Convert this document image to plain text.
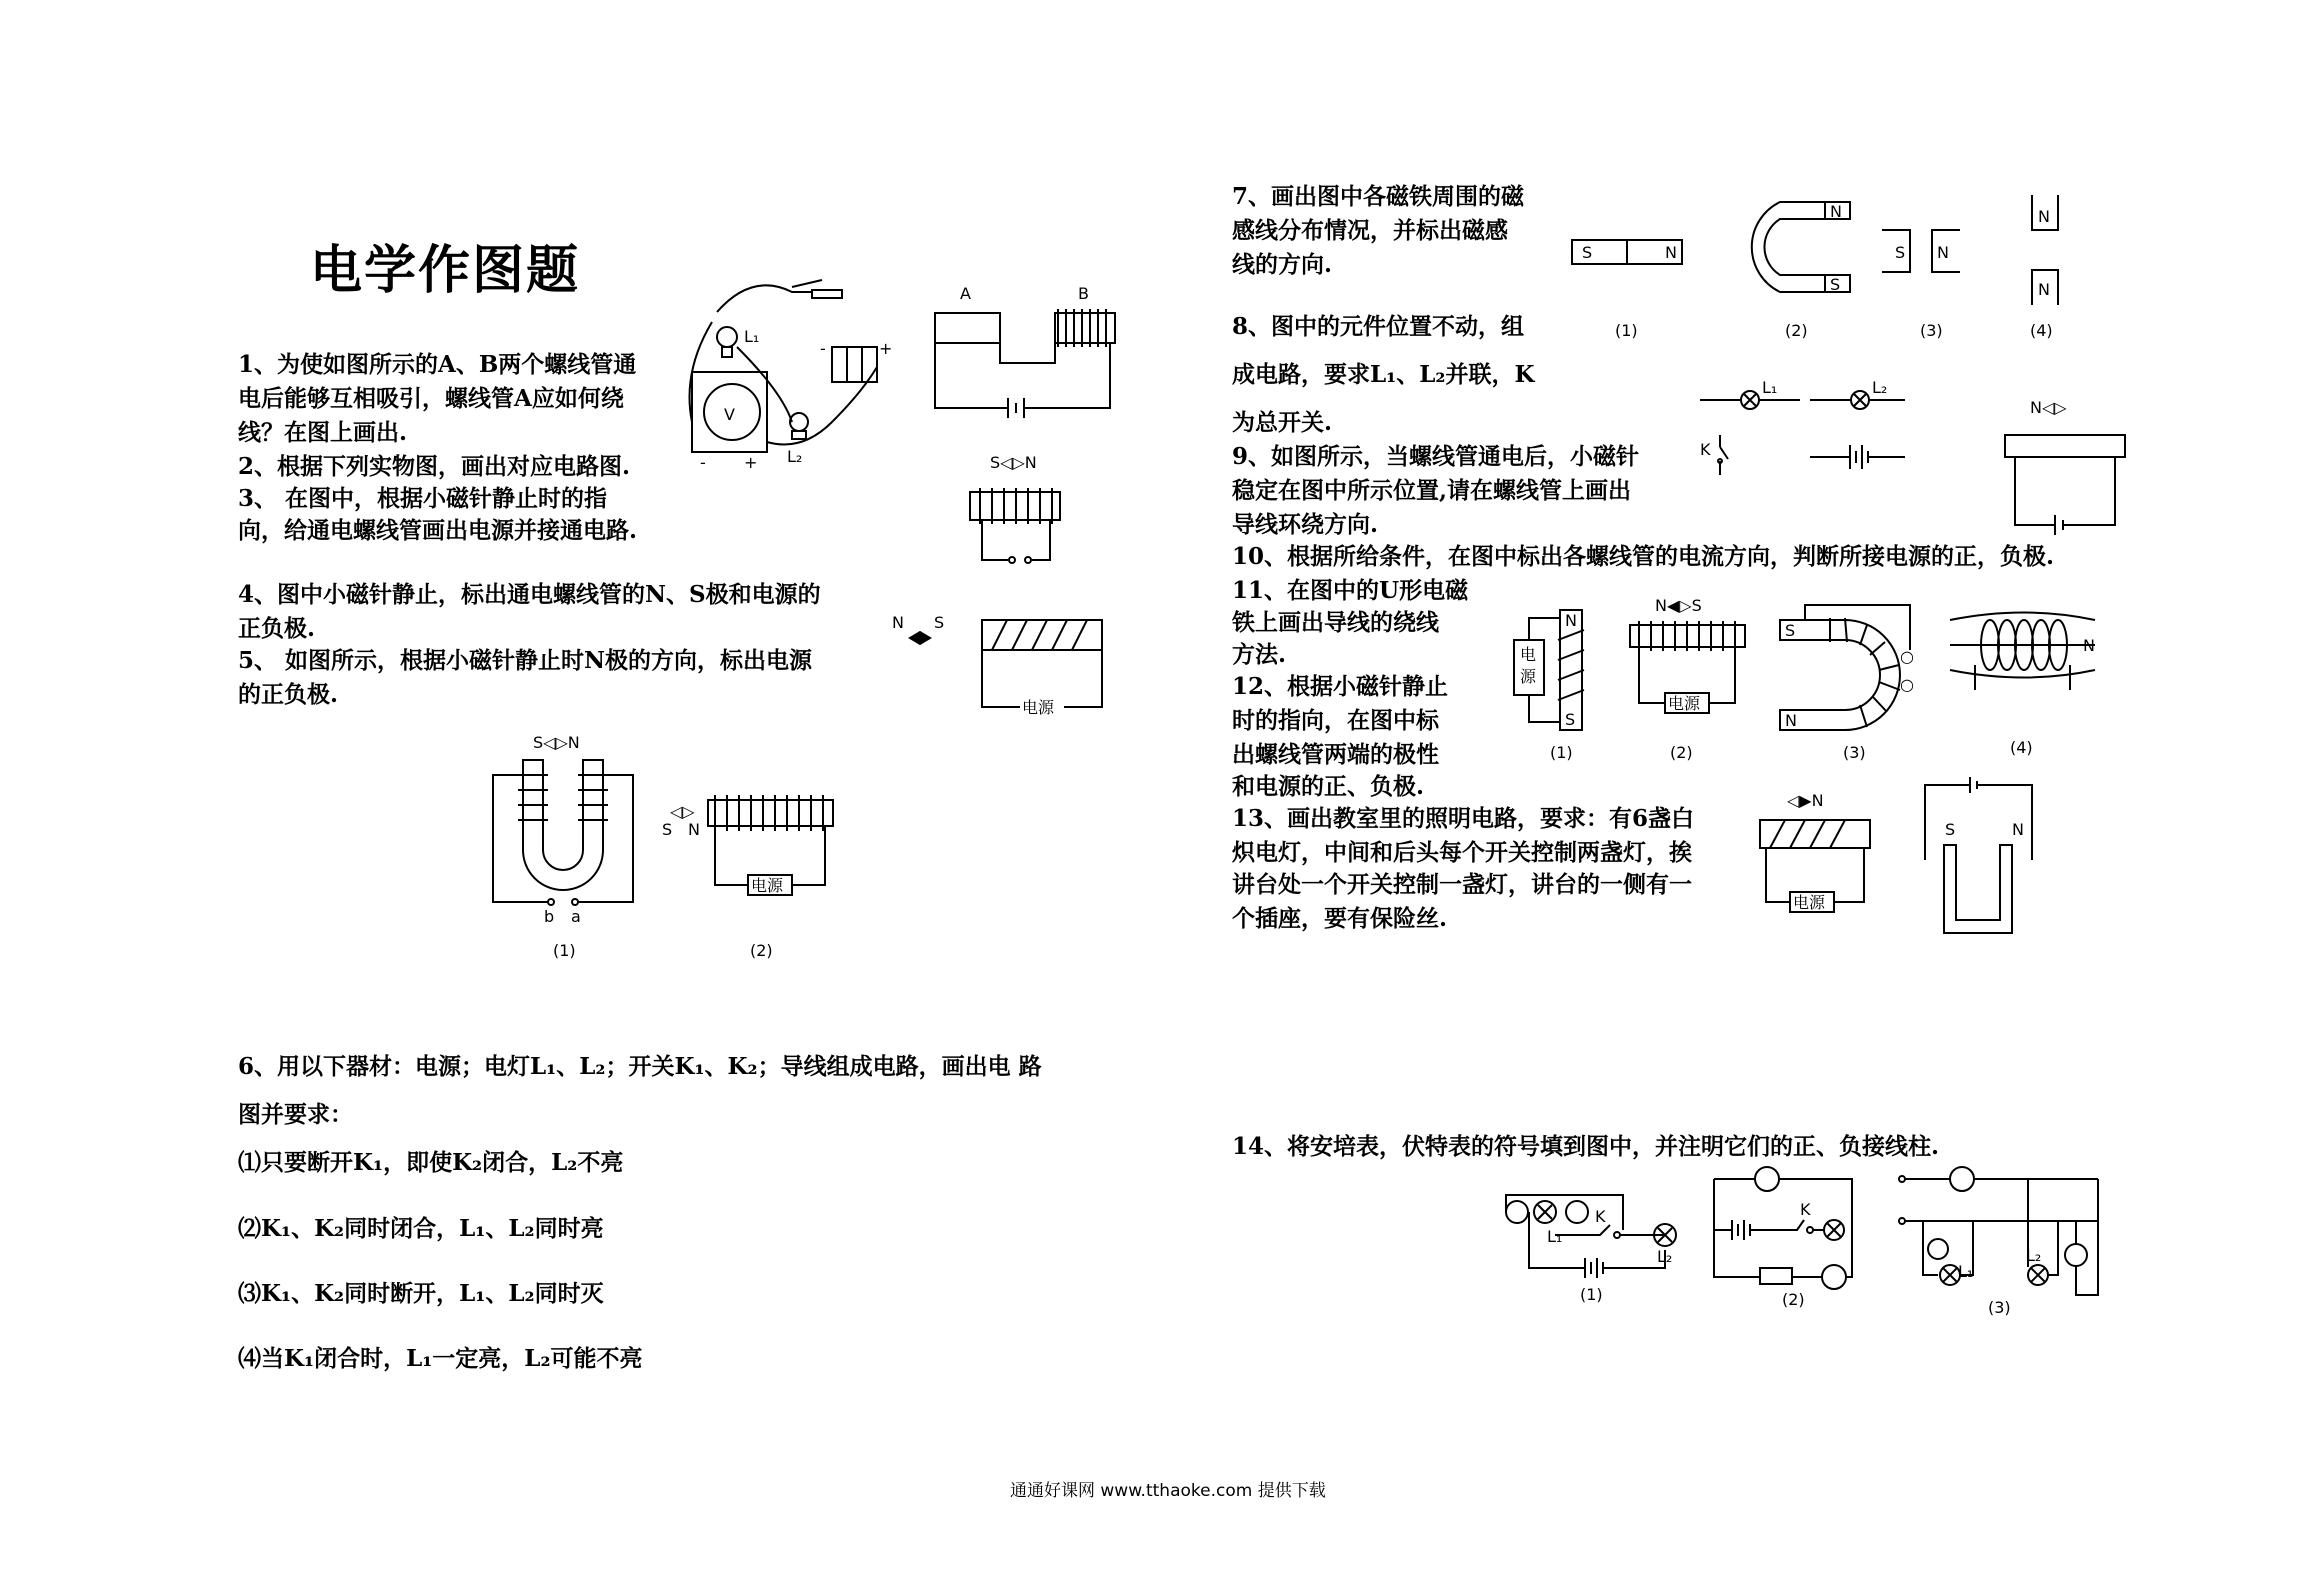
电学作图题
1、为使如图所示的A、B两个螺线管通
电后能够互相吸引，螺线管A应如何绕
线？在图上画出.
2、根据下列实物图，画出对应电路图.
3、 在图中，根据小磁针静止时的指
向，给通电螺线管画出电源并接通电路.
4、图中小磁针静止，标出通电螺线管的N、S极和电源的
正负极.
5、 如图所示，根据小磁针静止时N极的方向，标出电源
的正负极.
6、用以下器材：电源；电灯L₁、L₂；开关K₁、K₂；导线组成电路，画出电 路
图并要求：
⑴只要断开K₁，即使K₂闭合，L₂不亮
⑵K₁、K₂同时闭合，L₁、L₂同时亮
⑶K₁、K₂同时断开，L₁、L₂同时灭
⑷当K₁闭合时，L₁一定亮，L₂可能不亮
7、画出图中各磁铁周围的磁
感线分布情况，并标出磁感
线的方向.
8、图中的元件位置不动，组
成电路，要求L₁、L₂并联，K
为总开关.
9、如图所示，当螺线管通电后，小磁针
稳定在图中所示位置,请在螺线管上画出
导线环绕方向.
10、根据所给条件，在图中标出各螺线管的电流方向，判断所接电源的正，负极.
11、在图中的U形电磁
铁上画出导线的绕线
方法.
12、根据小磁针静止
时的指向，在图中标
出螺线管两端的极性
和电源的正、负极.
13、画出教室里的照明电路，要求：有6盏白
炽电灯，中间和后头每个开关控制两盏灯，挨
讲台处一个开关控制一盏灯，讲台的一侧有一
个插座，要有保险丝.
14、将安培表，伏特表的符号填到图中，并注明它们的正、负接线柱.
L₁
-	+
V
- + L₂
A	B
S◁▷N
N S
电源
S◁▷N
b a
(1)
◁▷
S N
电源
(2)
S	N
N
S
S N
N
N
(1)	(2)	(3)	(4)
L₁	L₂
K
N◁▷
电
源
N
S
(1)
N◀▷S
电源
(2)
S
N
○
○
(3)
N
(4)
◁▶N
电源
S	N
L₁
K
L₂
(1)
K
(2)
L₁
L₂
(3)
通通好课网 www.tthaoke.com 提供下载
